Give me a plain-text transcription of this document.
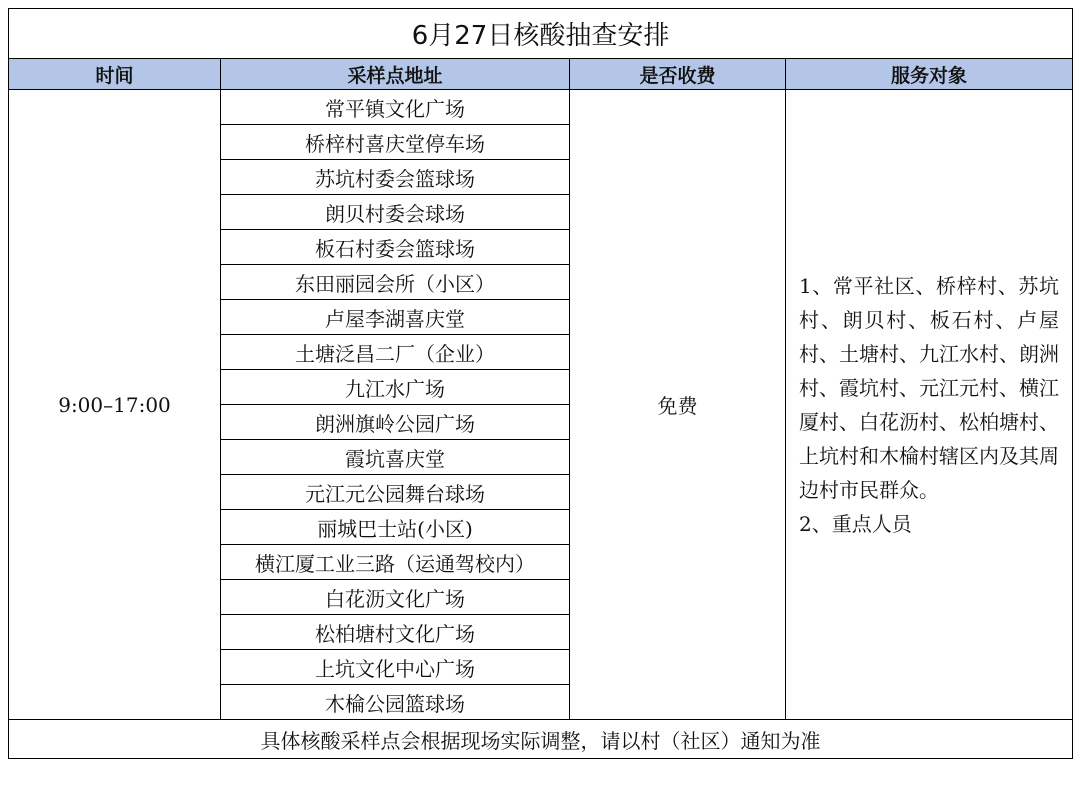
6月27日核酸抽查安排			
时间	采样点地址	是否收费	服务对象
9:00–17:00	常平镇文化广场	免费	1、常平社区、桥梓村、苏坑村、朗贝村、板石村、卢屋村、土塘村、九江水村、朗洲村、霞坑村、元江元村、横江厦村、白花沥村、松柏塘村、上坑村和木棆村辖区内及其周边村市民群众。
2、重点人员

	桥梓村喜庆堂停车场		
	苏坑村委会篮球场		
	朗贝村委会球场		
	板石村委会篮球场		
	东田丽园会所（小区）		
	卢屋李湖喜庆堂		
	土塘泛昌二厂（企业）		
	九江水广场		
	朗洲旗岭公园广场		
	霞坑喜庆堂		
	元江元公园舞台球场		
	丽城巴士站(小区)		
	横江厦工业三路（运通驾校内）		
	白花沥文化广场		
	松柏塘村文化广场		
	上坑文化中心广场		
	木棆公园篮球场		
具体核酸采样点会根据现场实际调整，请以村（社区）通知为准			
